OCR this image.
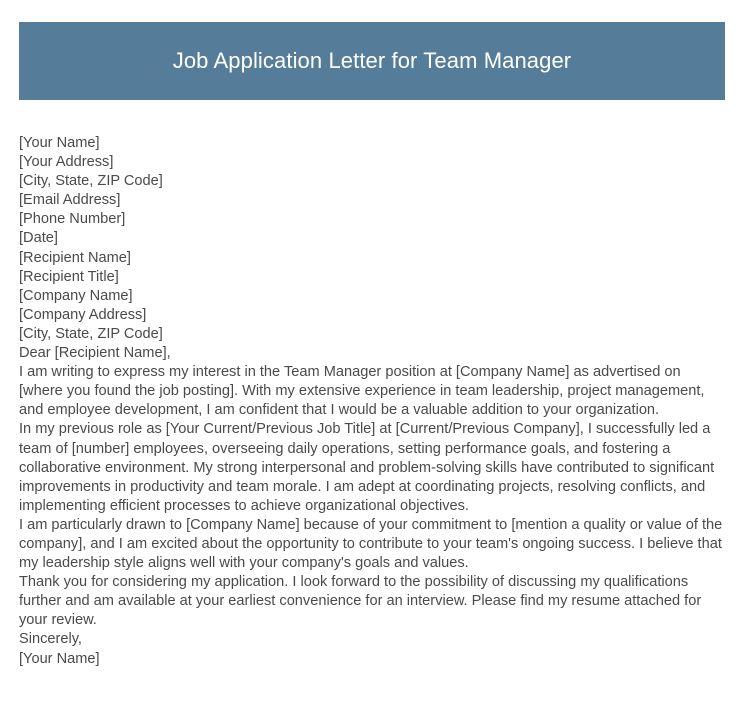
Job Application Letter for Team Manager
[Your Name]
[Your Address]
[City, State, ZIP Code]
[Email Address]
[Phone Number]
[Date]
[Recipient Name]
[Recipient Title]
[Company Name]
[Company Address]
[City, State, ZIP Code]
Dear [Recipient Name],

I am writing to express my interest in the Team Manager position at [Company Name] as advertised on [where you found the job posting]. With my extensive experience in team leadership, project management, and employee development, I am confident that I would be a valuable addition to your organization.

In my previous role as [Your Current/Previous Job Title] at [Current/Previous Company], I successfully led a team of [number] employees, overseeing daily operations, setting performance goals, and fostering a collaborative environment. My strong interpersonal and problem-solving skills have contributed to significant improvements in productivity and team morale. I am adept at coordinating projects, resolving conflicts, and implementing efficient processes to achieve organizational objectives.

I am particularly drawn to [Company Name] because of your commitment to [mention a quality or value of the company], and I am excited about the opportunity to contribute to your team's ongoing success. I believe that my leadership style aligns well with your company's goals and values.

Thank you for considering my application. I look forward to the possibility of discussing my qualifications further and am available at your earliest convenience for an interview. Please find my resume attached for your review.

Sincerely,
[Your Name]
